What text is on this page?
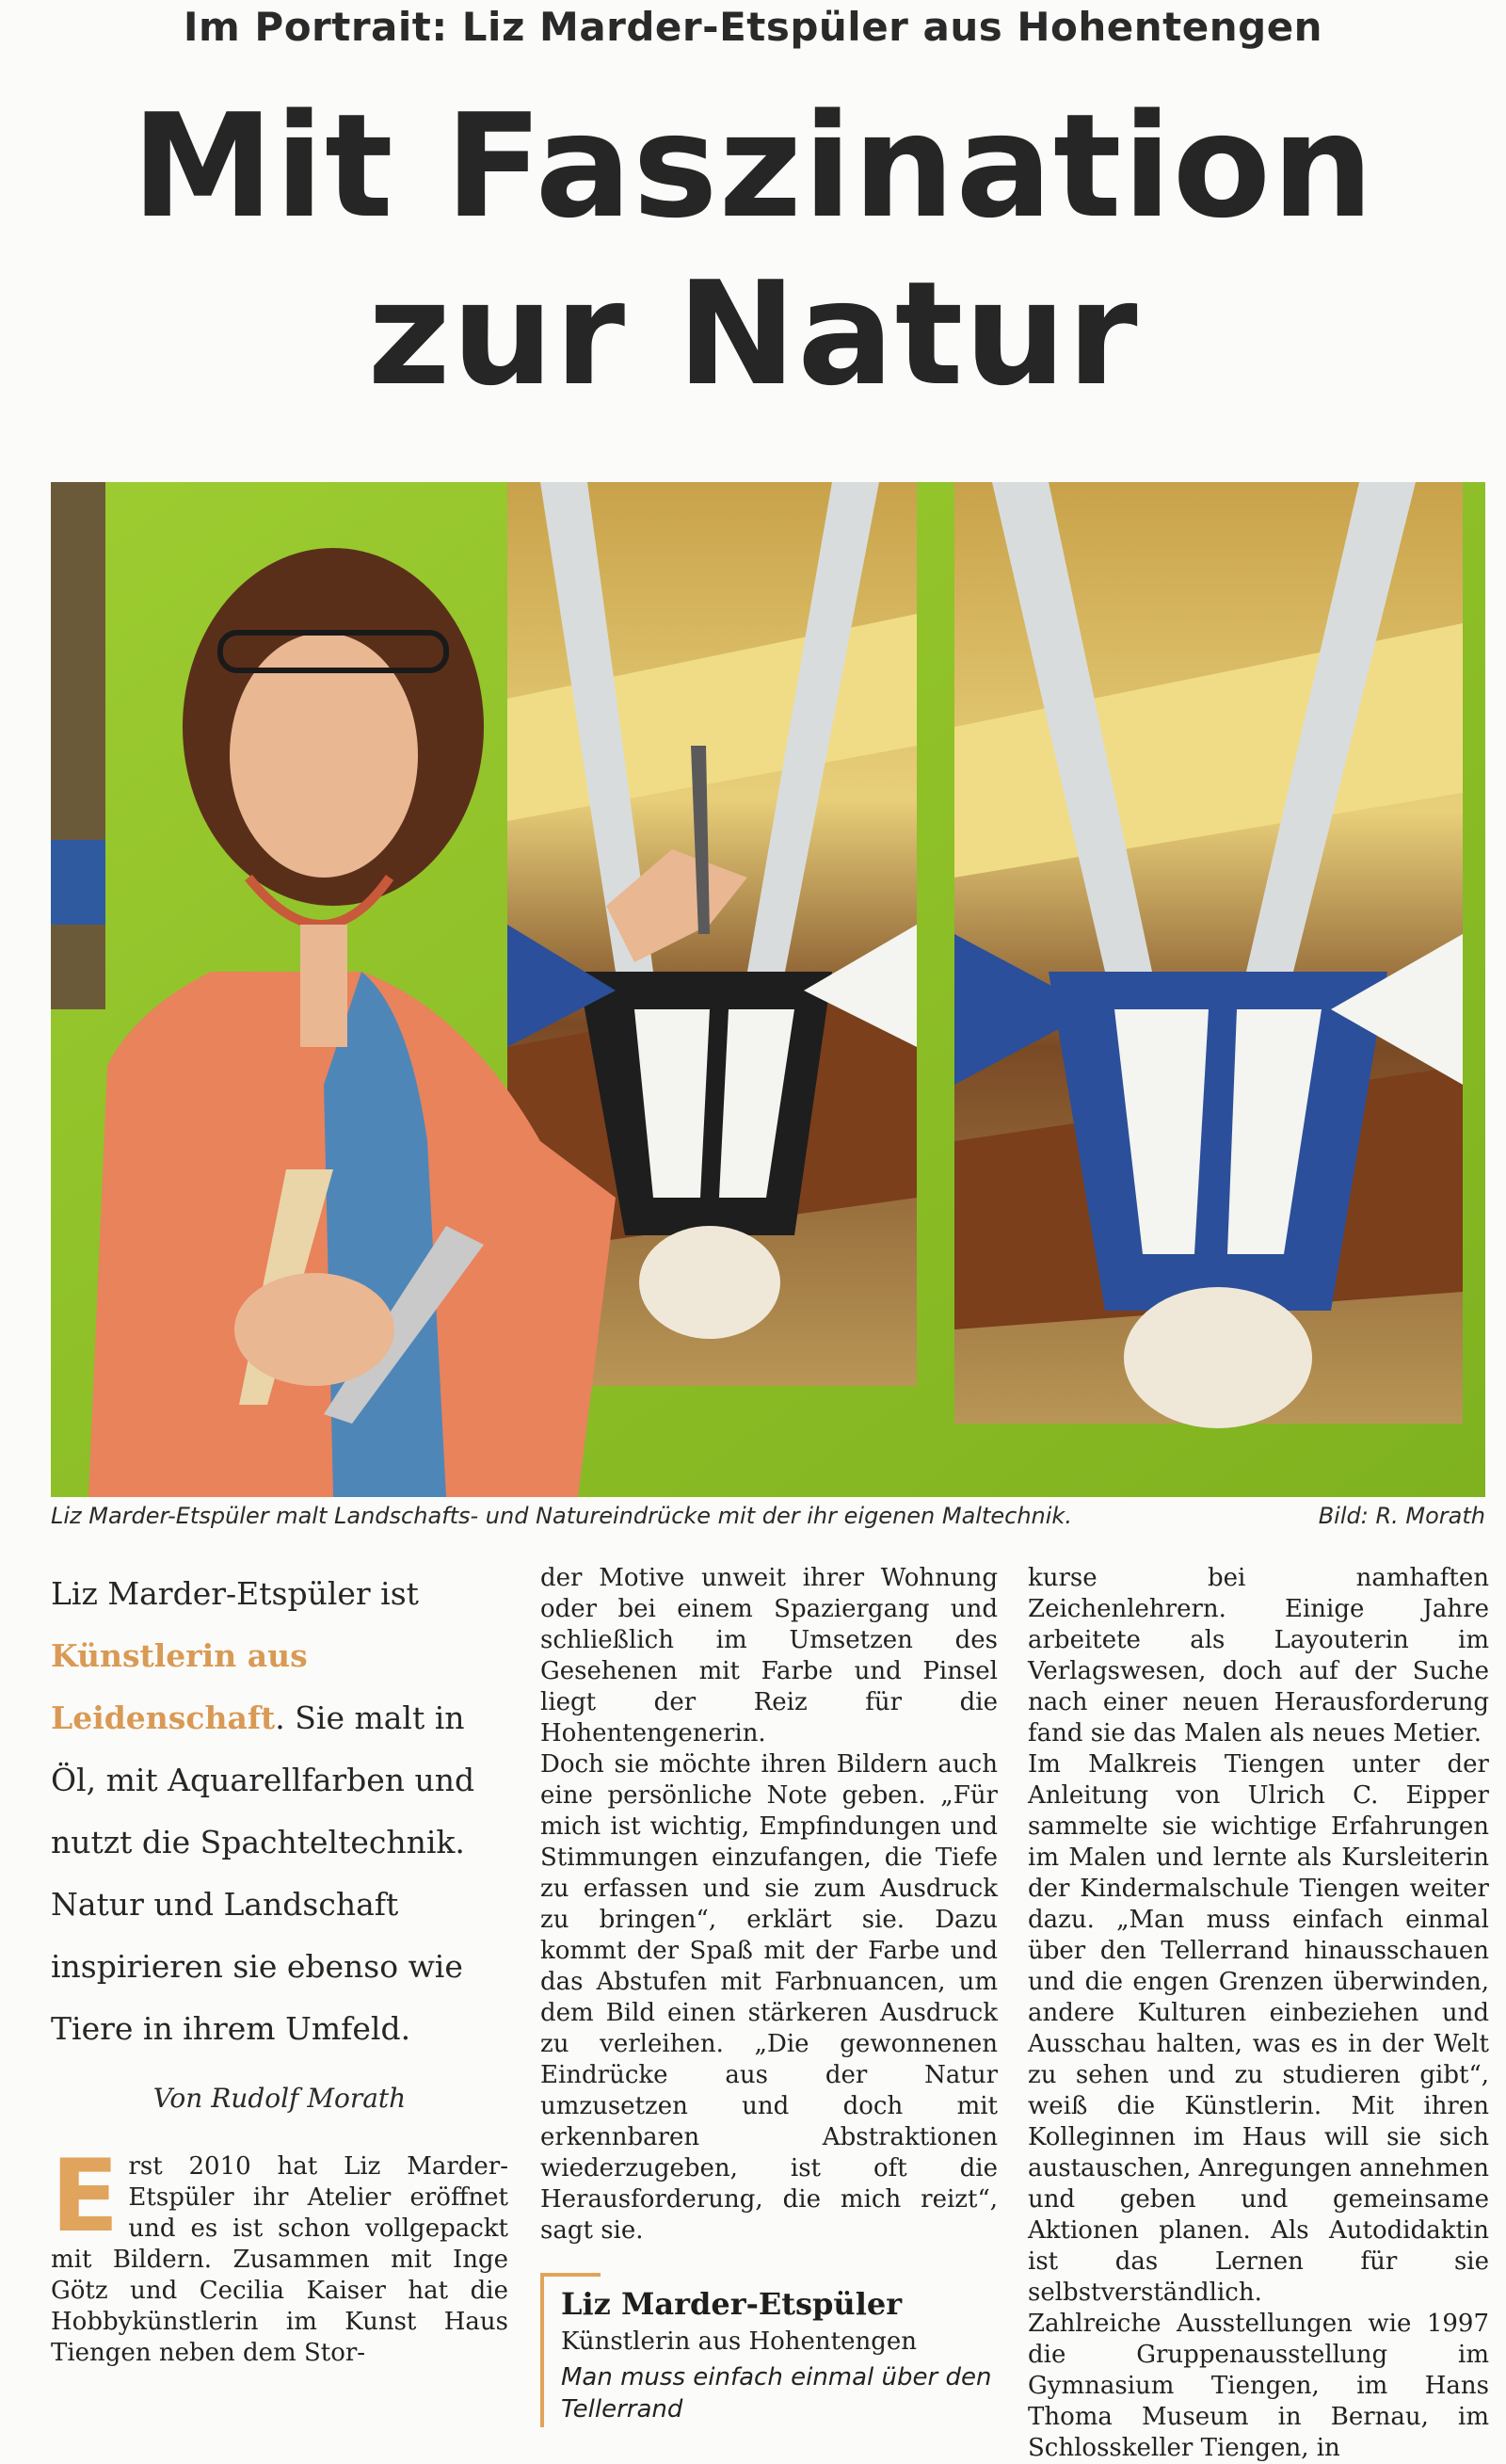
Im Portrait: Liz Marder-Etspüler aus Hohentengen
Mit Faszination
zur Natur
Liz Marder-Etspüler malt Landschafts- und Natureindrücke mit der ihr eigenen Maltechnik.	Bild: R. Morath

Liz Marder-Etspüler ist Künstlerin aus Leidenschaft. Sie malt in Öl, mit Aquarellfarben und nutzt die Spachteltechnik. Natur und Landschaft inspirieren sie ebenso wie Tiere in ihrem Umfeld.

Von Rudolf Morath

E rst 2010 hat Liz Marder-Etspüler ihr Atelier eröffnet und es ist schon vollgepackt mit Bildern. Zusammen mit Inge Götz und Cecilia Kaiser hat die Hobbykünstlerin im Kunst Haus Tiengen neben dem Stor-

der Motive unweit ihrer Wohnung oder bei einem Spaziergang und schließlich im Umsetzen des Gesehenen mit Farbe und Pinsel liegt der Reiz für die Hohentengenerin.

Doch sie möchte ihren Bildern auch eine persönliche Note geben. „Für mich ist wichtig, Empfindungen und Stimmungen einzufangen, die Tiefe zu erfassen und sie zum Ausdruck zu bringen“, erklärt sie. Dazu kommt der Spaß mit der Farbe und das Abstufen mit Farbnuancen, um dem Bild einen stärkeren Ausdruck zu verleihen. „Die gewonnenen Eindrücke aus der Natur umzusetzen und doch mit erkennbaren Abstraktionen wiederzugeben, ist oft die Herausforderung, die mich reizt“, sagt sie.

Liz Marder-Etspüler

Künstlerin aus Hohentengen

Man muss einfach einmal über den Tellerrand

kurse bei namhaften Zeichenlehrern. Einige Jahre arbeitete als Layouterin im Verlagswesen, doch auf der Suche nach einer neuen Herausforderung fand sie das Malen als neues Metier.

Im Malkreis Tiengen unter der Anleitung von Ulrich C. Eipper sammelte sie wichtige Erfahrungen im Malen und lernte als Kursleiterin der Kindermalschule Tiengen weiter dazu. „Man muss einfach einmal über den Tellerrand hinausschauen und die engen Grenzen überwinden, andere Kulturen einbeziehen und Ausschau halten, was es in der Welt zu sehen und zu studieren gibt“, weiß die Künstlerin. Mit ihren Kolleginnen im Haus will sie sich austauschen, Anregungen annehmen und geben und gemeinsame Aktionen planen. Als Autodidaktin ist das Lernen für sie selbstverständlich.

Zahlreiche Ausstellungen wie 1997 die Gruppenausstellung im Gymnasium Tiengen, im Hans Thoma Museum in Bernau, im Schlosskeller Tiengen, in
